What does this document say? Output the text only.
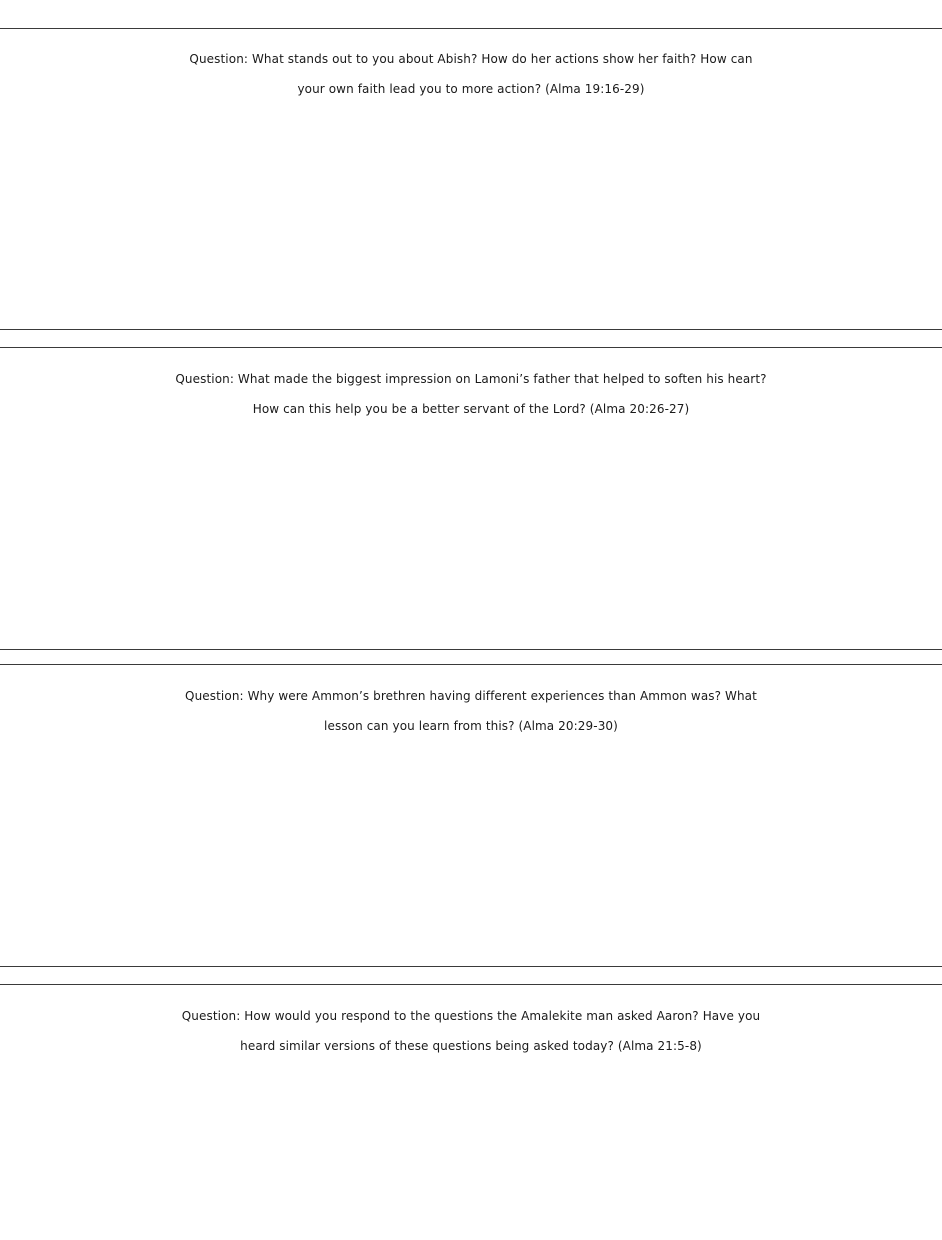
Question: What stands out to you about Abish? How do her actions show her faith? How can
your own faith lead you to more action? (Alma 19:16-29)
Question: What made the biggest impression on Lamoni’s father that helped to soften his heart?
How can this help you be a better servant of the Lord? (Alma 20:26-27)
Question: Why were Ammon’s brethren having different experiences than Ammon was? What
lesson can you learn from this? (Alma 20:29-30)
Question: How would you respond to the questions the Amalekite man asked Aaron? Have you
heard similar versions of these questions being asked today? (Alma 21:5-8)
